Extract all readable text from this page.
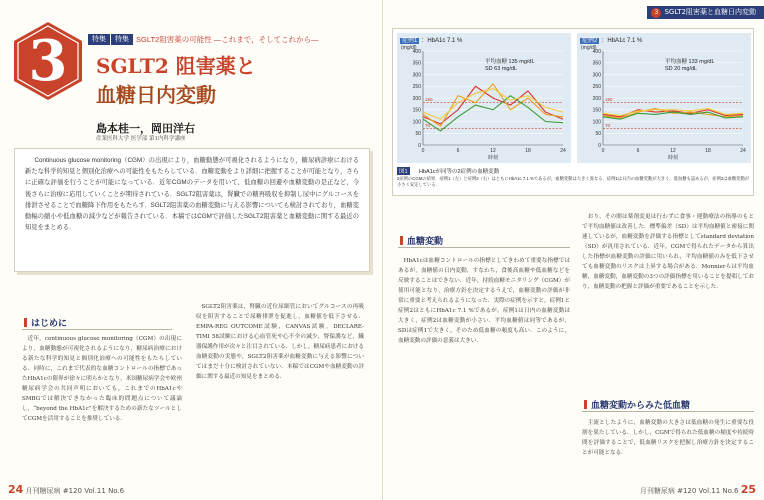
3	特集	特集 SGLT2阻害薬の可能性 ―これまで，そしてこれから―
SGLT2 阻害薬と
血糖日内変動
島本桂一，岡田洋右
産業医科大学 医学部 第1内科学講座

Continuous glucose monitoring（CGM）の出現により，血糖動態が可視化されるようになり，糖尿病診療における新たな科学的知見と個別化治療への可能性をもたらしている．血糖変動をより詳細に把握することが可能となり，さらに正確な評価を行うことが可能になっている．近年CGMのデータを用いて，低血糖の回避や血糖変動の是正など，今後さらに治療に応用していくことが期待されている．SGLT2阻害薬は，腎臓での糖再吸収を抑制し尿中にグルコースを排泄させることで血糖降下作用をもたらす．SGLT2阻害薬の血糖変動に与える影響についても検討されており，血糖変動幅の縮小や低血糖の減少などが報告されている．本稿ではCGMで評価したSGLT2阻害薬と血糖変動に関する最近の知見をまとめる．

はじめに

近年，continuous glucose monitoring（CGM）の出現により，血糖動態が可視化されるようになり，糖尿病治療における新たな科学的知見と個別化治療への可能性をもたらしている．同時に，これまで代表的な血糖コントロールの指標であったHbA1cの限界が徐々に明らかとなり，米国糖尿病学会や欧州糖尿病学会の共同声明においても，これまでのHbA1cやSMBGでは解決できなかった臨床的問題点について議論し，“beyond the HbA1c”を解決するための新たなツールとしてCGMを活用することを推奨している．

SGLT2阻害薬は，腎臓の近位尿細管においてグルコースの再吸収を阻害することで尿糖排泄を促進し，血糖値を低下させる．EMPA-REG OUTCOME試験，CANVAS試験，DECLARE-TIMI 58試験における心血管死や心不全の減少，腎保護など，臓器保護作用が次々と注目されている．しかし，糖尿病患者における血糖変動の実態や，SGLT2阻害薬が血糖変動に与える影響についてはまだ十分に検討されていない．本稿ではCGMや血糖変動の評価に関する最近の知見をまとめる．

24 月刊糖尿病 #120 Vol.11 No.6
3 SGLT2阻害薬と血糖日内変動
月刊糖尿病 #120 Vol.11 No.6 25
症例1 ：HbA1c 7.1 %
(mg/dl)
0
50
100
150
200
250
300
350
400
0	6	12	18	24
時刻
180
70
平均血糖 135 mg/dL
SD 63 mg/dL
症例2 ：HbA1c 7.1 %
(mg/dl)
0
50
100
150
200
250
300
350
400
0	6	12	18	24
時刻
180
70
平均血糖 133 mg/dL
SD 20 mg/dL
図1	HbA1cが同等の2症例の血糖変動
2症例のCGMの結果．症例1（左）と症例2（右）はともにHbA1c 7.1 %であるが，血糖変動は大きく異なる．症例1は日内の血糖変動が大きく，低血糖も認めるが，症例2は血糖変動が小さく安定している．
血糖変動

HbA1cは血糖コントロールの指標としてきわめて重要な指標ではあるが，血糖値の日内変動，すなわち，食後高血糖や低血糖などを反映することはできない．近年，持続血糖モニタリング（CGM）が使用可能となり，治療方針を決定するうえで，血糖変動の評価が非常に重要と考えられるようになった．実際の症例を示すと，症例1と症例2はともにHbA1c 7.1 %であるが，症例1は日内の血糖変動は大きく，症例2は血糖変動が小さい．平均血糖値は同等であるが，SDは症例1で大きく，そのため低血糖の頻度も高い．このように，血糖変動の評価の意義は大きい．

おり，その間は薬剤変更は行わずに食事・運動療法の指導のもとで平均血糖値は改善した．標準偏差（SD）は平均血糖値と密接に関連しているが，血糖変動を評価する指標としてstandard deviation（SD）が汎用されている．近年，CGMで得られたデータから算出した指標が血糖変動の評価に用いられ，平均血糖値のみを低下させても血糖変動のリスクは上昇する場合がある．Monnierらは平均血糖，血糖変動，血糖変動の3つの評価指標を用いることを提唱しており，血糖変動の把握と評価が重要であることを示した．

血糖変動からみた低血糖

主流としたように，血糖変動の大きさは低血糖の発生に重要な役割を果たしている．しかし，CGMで得られた低血糖の頻度や持続時間を評価することで，低血糖リスクを把握し治療方針を決定することが可能となる．
